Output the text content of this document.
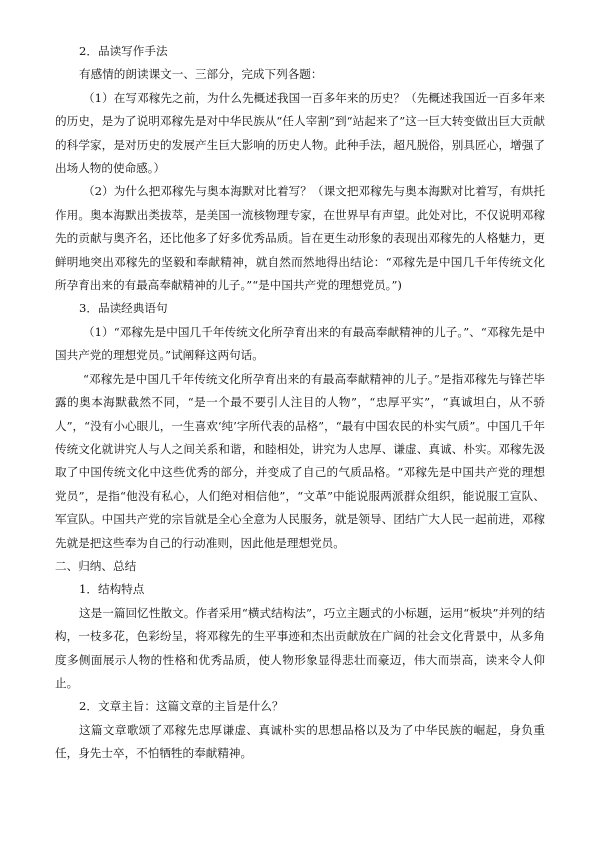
2．品读写作手法

有感情的朗读课文一、三部分，完成下列各题：

（1）在写邓稼先之前，为什么先概述我国一百多年来的历史？（先概述我国近一百多年来的历史，是为了说明邓稼先是对中华民族从“任人宰割”到“站起来了”这一巨大转变做出巨大贡献的科学家，是对历史的发展产生巨大影响的历史人物。此种手法，超凡脱俗，别具匠心，增强了出场人物的使命感。）

（2）为什么把邓稼先与奥本海默对比着写？（课文把邓稼先与奥本海默对比着写，有烘托作用。奥本海默出类拔萃，是美国一流核物理专家，在世界早有声望。此处对比，不仅说明邓稼先的贡献与奥齐名，还比他多了好多优秀品质。旨在更生动形象的表现出邓稼先的人格魅力，更鲜明地突出邓稼先的坚毅和奉献精神，就自然而然地得出结论：“邓稼先是中国几千年传统文化所孕育出来的有最高奉献精神的儿子。”“是中国共产党的理想党员。”)

3．品读经典语句

（1）“邓稼先是中国几千年传统文化所孕育出来的有最高奉献精神的儿子。”、“邓稼先是中国共产党的理想党员。”试阐释这两句话。

“邓稼先是中国几千年传统文化所孕育出来的有最高奉献精神的儿子。”是指邓稼先与锋芒毕露的奥本海默截然不同，“是一个最不要引人注目的人物”，“忠厚平实”，“真诚坦白，从不骄人”，“没有小心眼儿，一生喜欢‘纯’字所代表的品格”，“最有中国农民的朴实气质”。中国几千年传统文化就讲究人与人之间关系和谐，和睦相处，讲究为人忠厚、谦虚、真诚、朴实。邓稼先汲取了中国传统文化中这些优秀的部分，并变成了自己的气质品格。“邓稼先是中国共产党的理想党员”，是指“他没有私心，人们绝对相信他”，“文革”中能说服两派群众组织，能说服工宣队、军宣队。中国共产党的宗旨就是全心全意为人民服务，就是领导、团结广大人民一起前进，邓稼先就是把这些奉为自己的行动准则，因此他是理想党员。

二、归纳、总结

1．结构特点

这是一篇回忆性散文。作者采用“横式结构法”，巧立主题式的小标题，运用“板块”并列的结构，一枝多花，色彩纷呈，将邓稼先的生平事迹和杰出贡献放在广阔的社会文化背景中，从多角度多侧面展示人物的性格和优秀品质，使人物形象显得悲壮而豪迈，伟大而崇高，读来令人仰止。

2．文章主旨：这篇文章的主旨是什么？

这篇文章歌颂了邓稼先忠厚谦虚、真诚朴实的思想品格以及为了中华民族的崛起，身负重任，身先士卒，不怕牺牲的奉献精神。
